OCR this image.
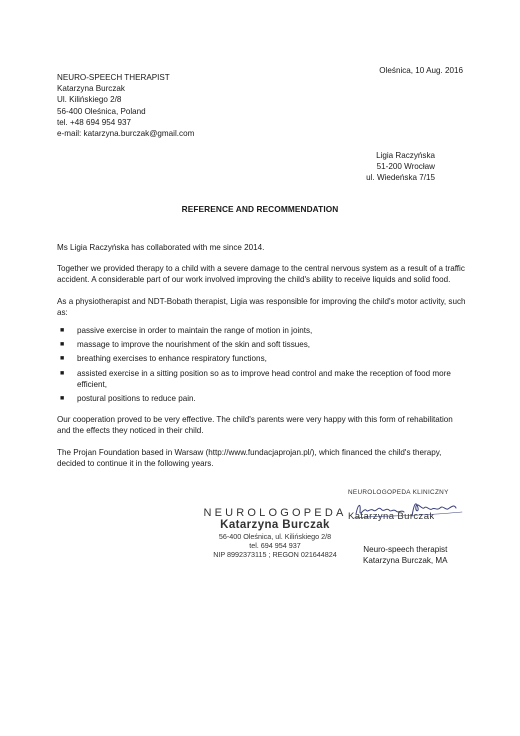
Oleśnica, 10 Aug. 2016
NEURO-SPEECH THERAPIST
Katarzyna Burczak
Ul. Kilińskiego 2/8
56-400 Oleśnica, Poland
tel. +48 694 954 937
e-mail: katarzyna.burczak@gmail.com
Ligia Raczyńska
51-200 Wrocław
ul. Wiedeńska 7/15
REFERENCE AND RECOMMENDATION

Ms Ligia Raczyńska has collaborated with me since 2014.

Together we provided therapy to a child with a severe damage to the central nervous system as a result of a traffic accident. A considerable part of our work involved improving the child's ability to receive liquids and solid food.

As a physiotherapist and NDT-Bobath therapist, Ligia was responsible for improving the child's motor activity, such as:

■ passive exercise in order to maintain the range of motion in joints,
■ massage to improve the nourishment of the skin and soft tissues,
■ breathing exercises to enhance respiratory functions,
■ assisted exercise in a sitting position so as to improve head control and make the reception of food more efficient,
■ postural positions to reduce pain.

Our cooperation proved to be very effective. The child's parents were very happy with this form of rehabilitation and the effects they noticed in their child.

The Projan Foundation based in Warsaw (http://www.fundacjaprojan.pl/), which financed the child's therapy, decided to continue it in the following years.

NEUROLOGOPEDA
Katarzyna Burczak
56-400 Oleśnica, ul. Kilińskiego 2/8
tel. 694 954 937
NIP 8992373115 ; REGON 021644824
NEUROLOGOPEDA KLINICZNY
Katarzyna Burczak
Neuro-speech therapist
Katarzyna Burczak, MA
